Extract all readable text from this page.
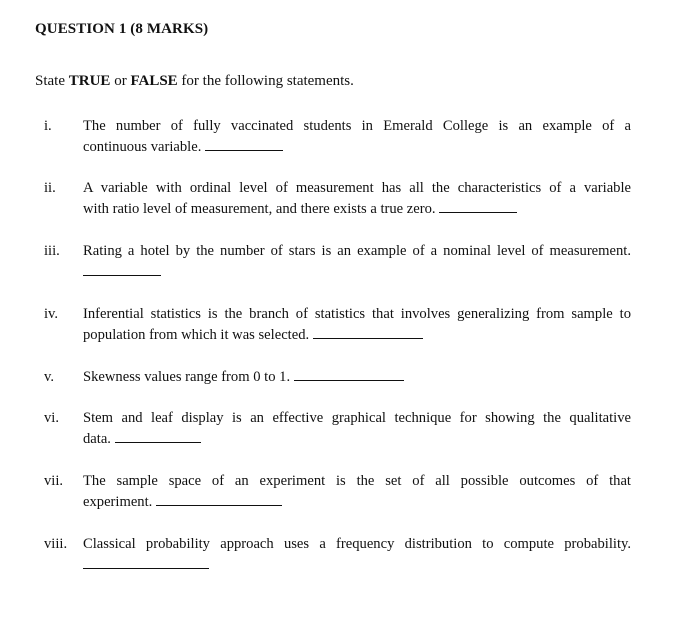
QUESTION 1 (8 MARKS)
State TRUE or FALSE for the following statements.
i. The number of fully vaccinated students in Emerald College is an example of a
continuous variable.
ii. A variable with ordinal level of measurement has all the characteristics of a variable
with ratio level of measurement, and there exists a true zero.
iii. Rating a hotel by the number of stars is an example of a nominal level of measurement.
iv. Inferential statistics is the branch of statistics that involves generalizing from sample to
population from which it was selected.
v. Skewness values range from 0 to 1.
vi. Stem and leaf display is an effective graphical technique for showing the qualitative
data.
vii. The sample space of an experiment is the set of all possible outcomes of that
experiment.
viii. Classical probability approach uses a frequency distribution to compute probability.
